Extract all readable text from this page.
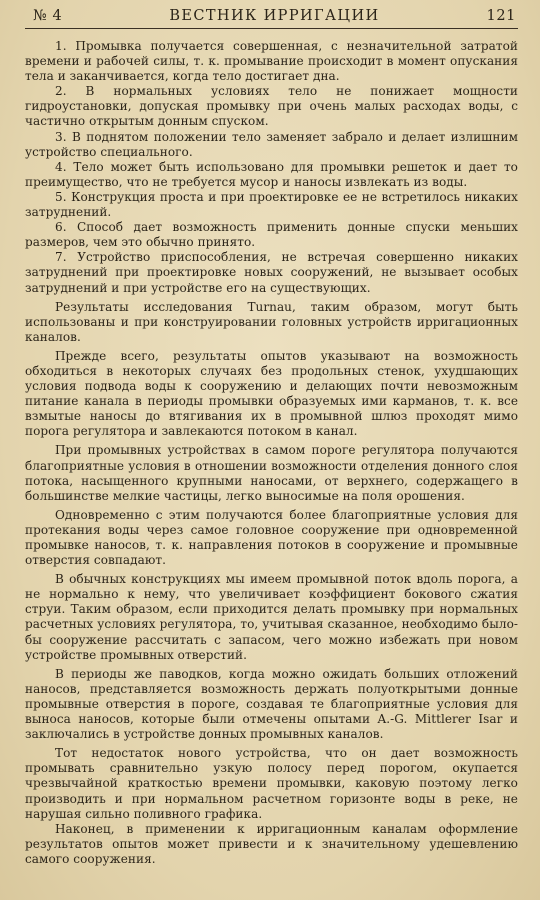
№ 4	ВЕСТНИК ИРРИГАЦИИ	121

1. Промывка получается совершенная, с незначительной затратой времени и рабочей силы, т. к. промывание происходит в момент опускания тела и заканчивается, когда тело достигает дна.

2. В нормальных условиях тело не понижает мощности гидроустановки, допуская промывку при очень малых расходах воды, с частично открытым донным спуском.

3. В поднятом положении тело заменяет забрало и делает излишним устройство специального.

4. Тело может быть использовано для промывки решеток и дает то преимущество, что не требуется мусор и наносы извлекать из воды.

5. Конструкция проста и при проектировке ее не встретилось никаких затруднений.

6. Способ дает возможность применить донные спуски меньших размеров, чем это обычно принято.

7. Устройство приспособления, не встречая совершенно никаких затруднений при проектировке новых сооружений, не вызывает особых затруднений и при устройстве его на существующих.

Результаты исследования Turnau, таким образом, могут быть использованы и при конструировании головных устройств ирригационных каналов.

Прежде всего, результаты опытов указывают на возможность обходиться в некоторых случаях без продольных стенок, ухудшающих условия подвода воды к сооружению и делающих почти невозможным питание канала в периоды промывки образуемых ими карманов, т. к. все взмытые наносы до втягивания их в промывной шлюз проходят мимо порога регулятора и завлекаются потоком в канал.

При промывных устройствах в самом пороге регулятора получаются благоприятные условия в отношении возможности отделения донного слоя потока, насыщенного крупными наносами, от верхнего, содержащего в большинстве мелкие частицы, легко выносимые на поля орошения.

Одновременно с этим получаются более благоприятные условия для протекания воды через самое головное сооружение при одновременной промывке наносов, т. к. направления потоков в сооружение и промывные отверстия совпадают.

В обычных конструкциях мы имеем промывной поток вдоль порога, а не нормально к нему, что увеличивает коэффициент бокового сжатия струи. Таким образом, если приходится делать промывку при нормальных расчетных условиях регулятора, то, учитывая сказанное, необходимо было-бы сооружение рассчитать с запасом, чего можно избежать при новом устройстве промывных отверстий.

В периоды же паводков, когда можно ожидать больших отложений наносов, представляется возможность держать полуоткрытыми донные промывные отверстия в пороге, создавая те благоприятные условия для выноса наносов, которые были отмечены опытами A.-G. Mittlerer Isar и заключались в устройстве донных промывных каналов.

Тот недостаток нового устройства, что он дает возможность промывать сравнительно узкую полосу перед порогом, окупается чрезвычайной краткостью времени промывки, каковую поэтому легко производить и при нормальном расчетном горизонте воды в реке, не нарушая сильно поливного графика.

Наконец, в применении к ирригационным каналам оформление результатов опытов может привести и к значительному удешевлению самого сооружения.
